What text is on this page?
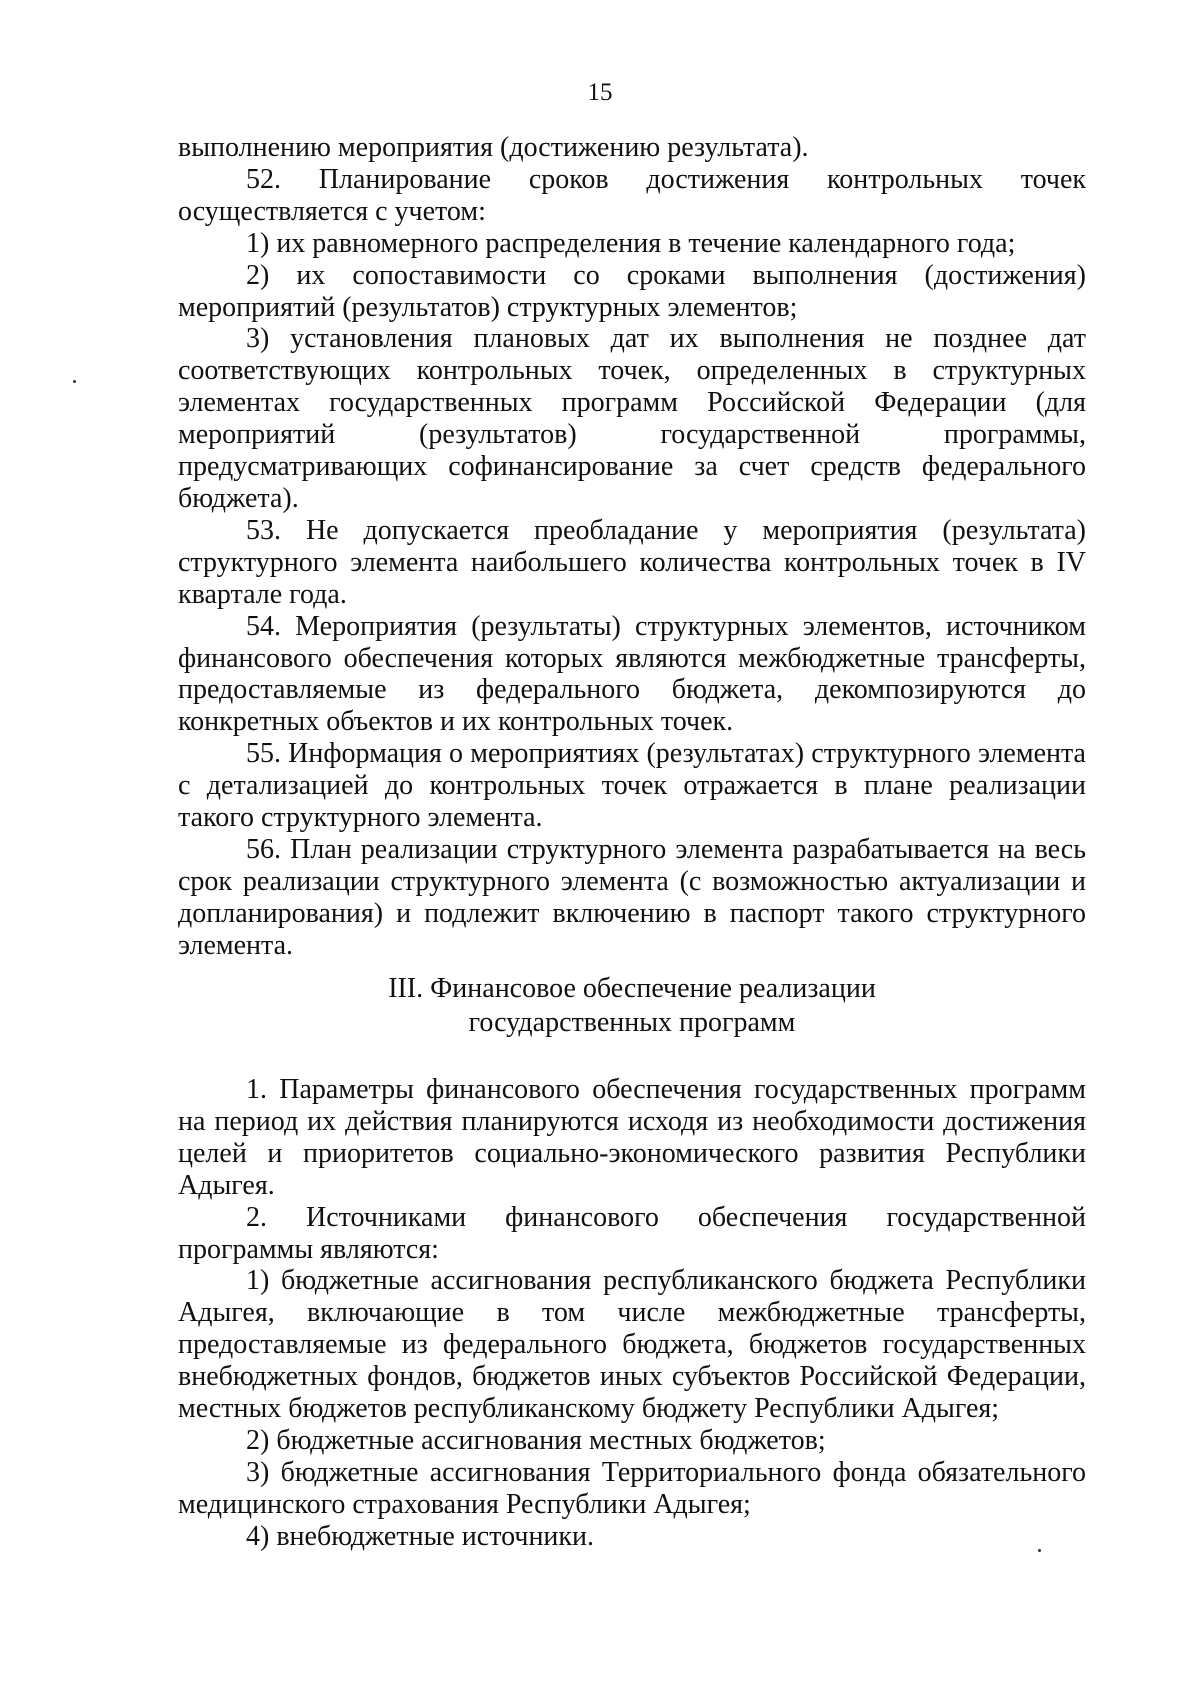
15

выполнению мероприятия (достижению результата).

52. Планирование сроков достижения контрольных точек осуществляется с учетом:

1) их равномерного распределения в течение календарного года;

2) их сопоставимости со сроками выполнения (достижения) мероприятий (результатов) структурных элементов;

3) установления плановых дат их выполнения не позднее дат соответствующих контрольных точек, определенных в структурных элементах государственных программ Российской Федерации (для мероприятий (результатов) государственной программы, предусматривающих софинансирование за счет средств федерального бюджета).

53. Не допускается преобладание у мероприятия (результата) структурного элемента наибольшего количества контрольных точек в IV квартале года.

54. Мероприятия (результаты) структурных элементов, источником финансового обеспечения которых являются межбюджетные трансферты, предоставляемые из федерального бюджета, декомпозируются до конкретных объектов и их контрольных точек.

55. Информация о мероприятиях (результатах) структурного элемента с детализацией до контрольных точек отражается в плане реализации такого структурного элемента.

56. План реализации структурного элемента разрабатывается на весь срок реализации структурного элемента (с возможностью актуализации и допланирования) и подлежит включению в паспорт такого структурного элемента.

III. Финансовое обеспечение реализации
государственных программ

1. Параметры финансового обеспечения государственных программ на период их действия планируются исходя из необходимости достижения целей и приоритетов социально-экономического развития Республики Адыгея.

2. Источниками финансового обеспечения государственной программы являются:

1) бюджетные ассигнования республиканского бюджета Республики Адыгея, включающие в том числе межбюджетные трансферты, предоставляемые из федерального бюджета, бюджетов государственных внебюджетных фондов, бюджетов иных субъектов Российской Федерации, местных бюджетов республиканскому бюджету Республики Адыгея;

2) бюджетные ассигнования местных бюджетов;

3) бюджетные ассигнования Территориального фонда обязательного медицинского страхования Республики Адыгея;

4) внебюджетные источники.
